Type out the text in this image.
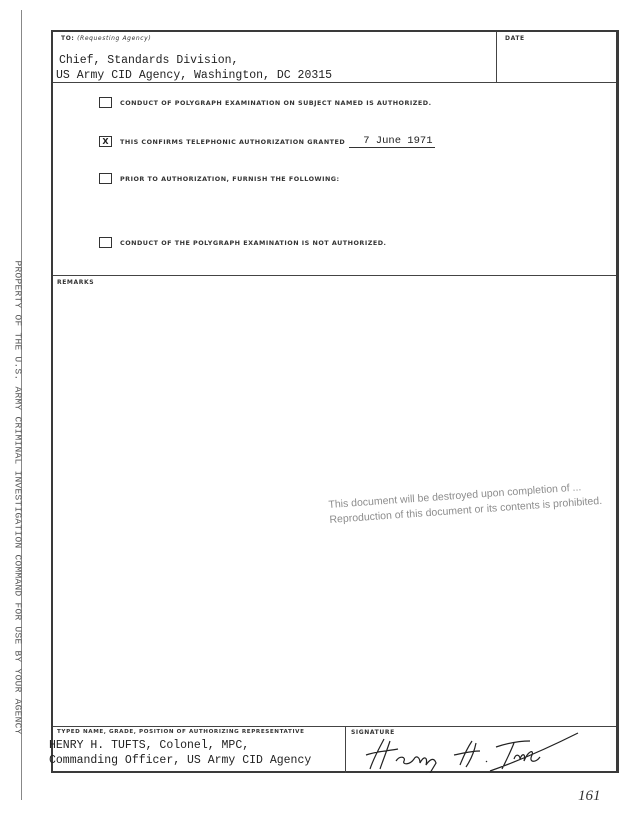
PROPERTY OF THE U.S. ARMY CRIMINAL INVESTIGATION COMMAND FOR USE BY YOUR AGENCY
TO: (Requesting Agency)
Chief, Standards Division,
US Army CID Agency, Washington, DC 20315
DATE
CONDUCT OF POLYGRAPH EXAMINATION ON SUBJECT NAMED IS AUTHORIZED.
X	THIS CONFIRMS TELEPHONIC AUTHORIZATION GRANTED	7 June 1971
PRIOR TO AUTHORIZATION, FURNISH THE FOLLOWING:
CONDUCT OF THE POLYGRAPH EXAMINATION IS NOT AUTHORIZED.
REMARKS
This document will be destroyed upon completion of ... Reproduction of this document or its contents is prohibited.
TYPED NAME, GRADE, POSITION OF AUTHORIZING REPRESENTATIVE
HENRY H. TUFTS, Colonel, MPC,
Commanding Officer, US Army CID Agency
SIGNATURE
161
